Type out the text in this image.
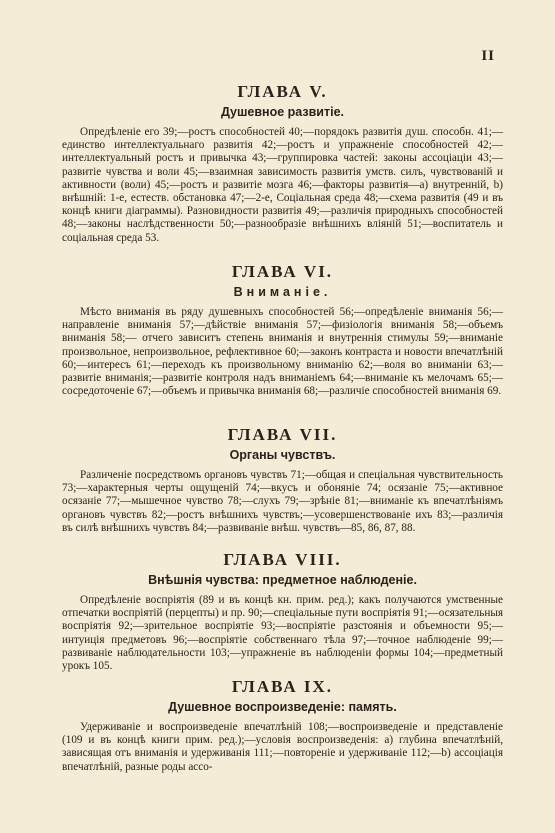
II
ГЛАВА V.
Душевное развитіе.

Опредѣленіе его 39;—ростъ способностей 40;—порядокъ развитія душ. способн. 41;—единство интеллектуальнаго развитія 42;—ростъ и упражненіе способностей 42;—интеллектуальный ростъ и привычка 43;—группировка частей: законы ассоціаціи 43;—развитіе чувства и воли 45;—взаимная зависимость развитія умств. силъ, чувствованій и активности (воли) 45;—ростъ и развитіе мозга 46;—факторы развитія—а) внутренній, b) внѣшній: 1-е, естеств. обстановка 47;—2-е, Соціальная среда 48;—схема развитія (49 и въ концѣ книги діаграммы). Разновидности развитія 49;—различія природныхъ способностей 48;—законы наслѣдственности 50;—разнообразіе внѣшнихъ вліяній 51;—воспитатель и соціальная среда 53.

ГЛАВА VI.
Вниманіе.

Мѣсто вниманія въ ряду душевныхъ способностей 56;—опредѣленіе вниманія 56;—направленіе вниманія 57;—дѣйствіе вниманія 57;—физіологія вниманія 58;—объемъ вниманія 58;— отчего зависитъ степень вниманія и внутреннія стимулы 59;—вниманіе произвольное, непроизвольное, рефлективное 60;—законъ контраста и новости впечатлѣній 60;—интересъ 61;—переходъ къ произвольному вниманію 62;—воля во вниманіи 63;—развитіе вниманія;—развитіе контроля надъ вниманіемъ 64;—вниманіе къ мелочамъ 65;—сосредоточеніе 67;—объемъ и привычка вниманія 68;—различіе способностей вниманія 69.

ГЛАВА VII.
Органы чувствъ.

Различеніе посредствомъ органовъ чувствъ 71;—общая и спеціальная чувствительность 73;—характерныя черты ощущеній 74;—вкусъ и обоняніе 74; осязаніе 75;—активное осязаніе 77;—мышечное чувство 78;—слухъ 79;—зрѣніе 81;—вниманіе къ впечатлѣніямъ органовъ чувствъ 82;—ростъ внѣшнихъ чувствъ;—усовершенствованіе ихъ 83;—различія въ силѣ внѣшнихъ чувствъ 84;—развиваніе внѣш. чувствъ—85, 86, 87, 88.

ГЛАВА VIII.
Внѣшнія чувства: предметное наблюденіе.

Опредѣленіе воспріятія (89 и въ концѣ кн. прим. ред.); какъ получаются умственные отпечатки воспріятій (перцепты) и пр. 90;—спеціальные пути воспріятія 91;—осязательныя воспріятія 92;—зрительное воспріятіе 93;—воспріятіе разстоянія и объемности 95;—интуиція предметовъ 96;—воспріятіе собственнаго тѣла 97;—точное наблюденіе 99;—развиваніе наблюдательности 103;—упражненіе въ наблюденіи формы 104;—предметный урокъ 105.

ГЛАВА IX.
Душевное воспроизведеніе: память.

Удерживаніе и воспроизведеніе впечатлѣній 108;—воспроизведеніе и представленіе (109 и въ концѣ книги прим. ред.);—условія воспроизведенія: а) глубина впечатлѣній, зависящая отъ вниманія и удерживанія 111;—повтореніе и удерживаніе 112;—b) ассоціація впечатлѣній, разные роды ассо-
